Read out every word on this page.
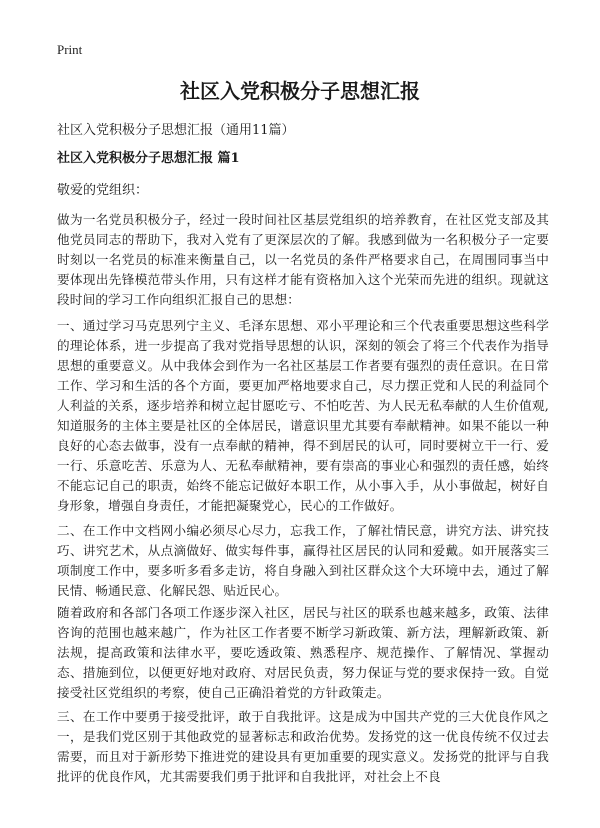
Print
社区入党积极分子思想汇报
社区入党积极分子思想汇报（通用11篇）
社区入党积极分子思想汇报 篇1
敬爱的党组织：

做为一名党员积极分子，经过一段时间社区基层党组织的培养教育，在社区党支部及其他党员同志的帮助下，我对入党有了更深层次的了解。我感到做为一名积极分子一定要时刻以一名党员的标准来衡量自己，以一名党员的条件严格要求自己，在周围同事当中要体现出先锋模范带头作用，只有这样才能有资格加入这个光荣而先进的组织。现就这段时间的学习工作向组织汇报自己的思想：

一、通过学习马克思列宁主义、毛泽东思想、邓小平理论和三个代表重要思想这些科学的理论体系，进一步提高了我对党指导思想的认识，深刻的领会了将三个代表作为指导思想的重要意义。从中我体会到作为一名社区基层工作者要有强烈的责任意识。在日常工作、学习和生活的各个方面，要更加严格地要求自己，尽力摆正党和人民的利益同个人利益的关系，逐步培养和树立起甘愿吃亏、不怕吃苦、为人民无私奉献的人生价值观,知道服务的主体主要是社区的全体居民，谱意识里尤其要有奉献精神。如果不能以一种良好的心态去做事，没有一点奉献的精神，得不到居民的认可，同时要树立干一行、爱一行、乐意吃苦、乐意为人、无私奉献精神，要有崇高的事业心和强烈的责任感，始终不能忘记自己的职责，始终不能忘记做好本职工作，从小事入手，从小事做起，树好自身形象，增强自身责任，才能把凝聚党心，民心的工作做好。

二、在工作中文档网小编必须尽心尽力，忘我工作，了解社情民意，讲究方法、讲究技巧、讲究艺术，从点滴做好、做实每件事，赢得社区居民的认同和爱戴。如开展落实三项制度工作中，要多听多看多走访，将自身融入到社区群众这个大环境中去，通过了解民情、畅通民意、化解民怨、贴近民心。

随着政府和各部门各项工作逐步深入社区，居民与社区的联系也越来越多，政策、法律咨询的范围也越来越广，作为社区工作者要不断学习新政策、新方法，理解新政策、新法规，提高政策和法律水平，要吃透政策、熟悉程序、规范操作、了解情况、掌握动态、措施到位，以便更好地对政府、对居民负责，努力保证与党的要求保持一致。自觉接受社区党组织的考察，使自己正确沿着党的方针政策走。

三、在工作中要勇于接受批评，敢于自我批评。这是成为中国共产党的三大优良作风之一，是我们党区别于其他政党的显著标志和政治优势。发扬党的这一优良传统不仅过去需要，而且对于新形势下推进党的建设具有更加重要的现实意义。发扬党的批评与自我批评的优良作风，尤其需要我们勇于批评和自我批评，对社会上不良
